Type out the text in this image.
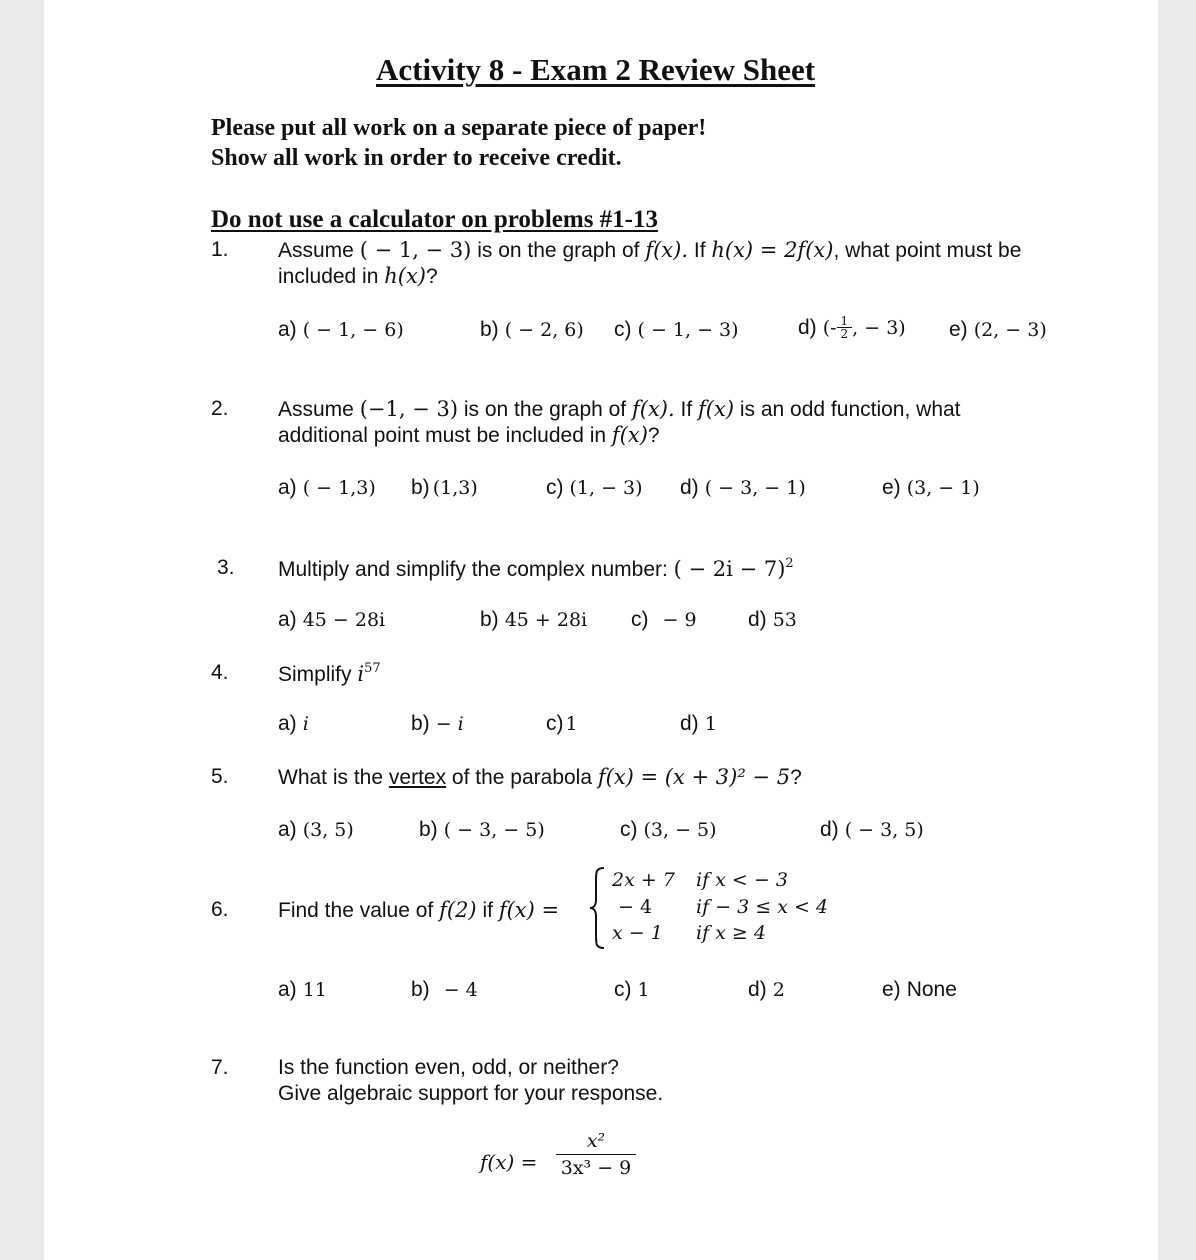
Activity 8 - Exam 2 Review Sheet
Please put all work on a separate piece of paper!
Show all work in order to receive credit.
Do not use a calculator on problems #1-13
1. Assume ( − 1, − 3) is on the graph of f(x). If h(x) = 2f(x), what point must be
included in h(x)?
a) ( − 1, − 6)	b) ( − 2, 6) c) ( − 1, − 3)	d) (- $\frac{1}{2}$ , − 3) e) (2, − 3)
2. Assume (−1, − 3) is on the graph of f(x). If f(x) is an odd function, what
additional point must be included in f(x)?
a) ( − 1,3) b) (1,3)	c) (1, − 3) d) ( − 3, − 1)	e) (3, − 1)
3. Multiply and simplify the complex number: ( − 2i − 7)$^2$
a) 45 − 28i	b) 45 + 28i c) − 9 d) 53
4. Simplify $i^{57}$
a) i	b) − i	c) 1	d) 1
5. What is the vertex of the parabola f(x) = (x + 3)² − 5?
a) (3, 5)	b) ( − 3, − 5)	c) (3, − 5)	d) ( − 3, 5)
6. Find the value of f(2) if f(x) =
2x + 7 if x < − 3
− 4 if − 3 ≤ x < 4
x − 1 if x ≥ 4
a) 11	b) − 4	c) 1	d) 2	e) None
7. Is the function even, odd, or neither?
Give algebraic support for your response.
$f(x) = \frac{\text{x²}}{\text{3x³ − 9}}$
